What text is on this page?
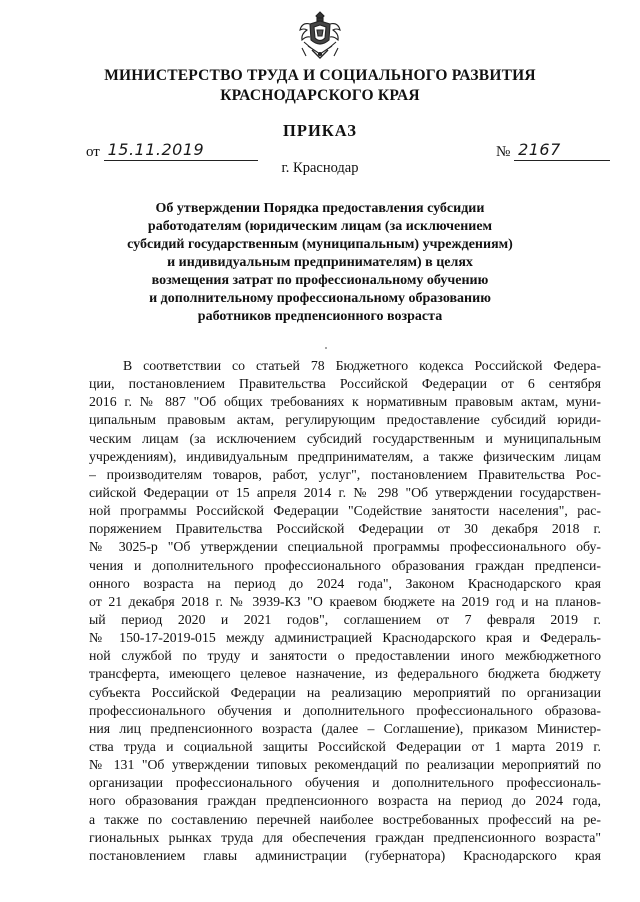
МИНИСТЕРСТВО ТРУДА И СОЦИАЛЬНОГО РАЗВИТИЯ
КРАСНОДАРСКОГО КРАЯ
ПРИКАЗ
от 15.11.2019	№ 2167
г. Краснодар
Об утверждении Порядка предоставления субсидии
работодателям (юридическим лицам (за исключением
субсидий государственным (муниципальным) учреждениям)
и индивидуальным предпринимателям) в целях
возмещения затрат по профессиональному обучению
и дополнительному профессиональному образованию
работников предпенсионного возраста
В соответствии со статьей 78 Бюджетного кодекса Российской Федера-
ции, постановлением Правительства Российской Федерации от 6 сентября
2016 г. № 887 "Об общих требованиях к нормативным правовым актам, муни-
ципальным правовым актам, регулирующим предоставление субсидий юриди-
ческим лицам (за исключением субсидий государственным и муниципальным
учреждениям), индивидуальным предпринимателям, а также физическим лицам
– производителям товаров, работ, услуг", постановлением Правительства Рос-
сийской Федерации от 15 апреля 2014 г. № 298 "Об утверждении государствен-
ной программы Российской Федерации "Содействие занятости населения", рас-
поряжением Правительства Российской Федерации от 30 декабря 2018 г.
№ 3025-р "Об утверждении специальной программы профессионального обу-
чения и дополнительного профессионального образования граждан предпенси-
онного возраста на период до 2024 года", Законом Краснодарского края
от 21 декабря 2018 г. № 3939-КЗ "О краевом бюджете на 2019 год и на планов-
ый период 2020 и 2021 годов", соглашением от 7 февраля 2019 г.
№ 150-17-2019-015 между администрацией Краснодарского края и Федераль-
ной службой по труду и занятости о предоставлении иного межбюджетного
трансферта, имеющего целевое назначение, из федерального бюджета бюджету
субъекта Российской Федерации на реализацию мероприятий по организации
профессионального обучения и дополнительного профессионального образова-
ния лиц предпенсионного возраста (далее – Соглашение), приказом Министер-
ства труда и социальной защиты Российской Федерации от 1 марта 2019 г.
№ 131 "Об утверждении типовых рекомендаций по реализации мероприятий по
организации профессионального обучения и дополнительного профессиональ-
ного образования граждан предпенсионного возраста на период до 2024 года,
а также по составлению перечней наиболее востребованных профессий на ре-
гиональных рынках труда для обеспечения граждан предпенсионного возраста"
постановлением главы администрации (губернатора) Краснодарского края
